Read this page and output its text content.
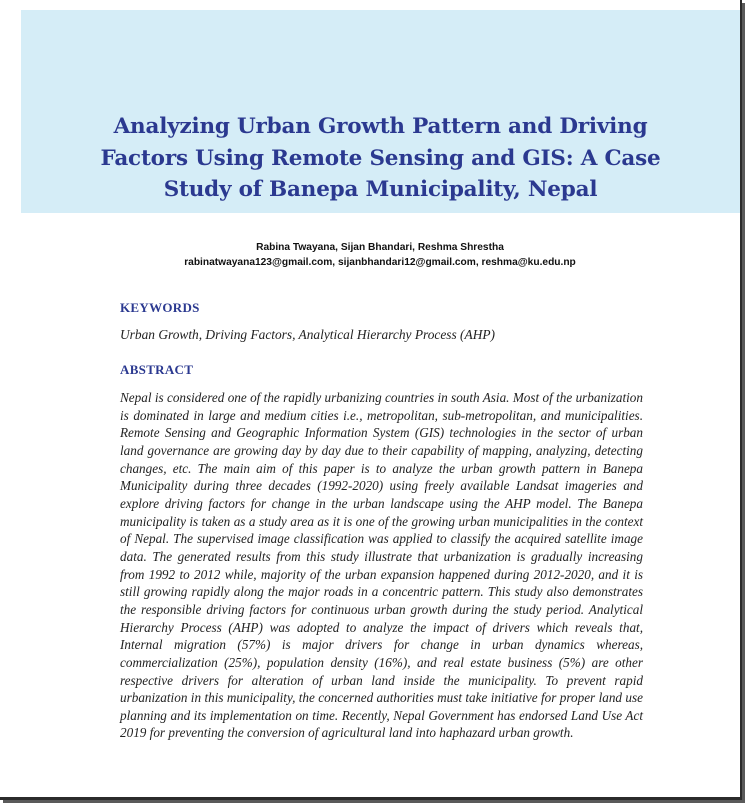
Analyzing Urban Growth Pattern and Driving
Factors Using Remote Sensing and GIS: A Case
Study of Banepa Municipality, Nepal
Rabina Twayana, Sijan Bhandari, Reshma Shrestha
rabinatwayana123@gmail.com, sijanbhandari12@gmail.com, reshma@ku.edu.np
KEYWORDS

Urban Growth, Driving Factors, Analytical Hierarchy Process (AHP)

ABSTRACT

Nepal is considered one of the rapidly urbanizing countries in south Asia. Most of the urbanization is dominated in large and medium cities i.e., metropolitan, sub-metropolitan, and municipalities. Remote Sensing and Geographic Information System (GIS) technologies in the sector of urban land governance are growing day by day due to their capability of mapping, analyzing, detecting changes, etc. The main aim of this paper is to analyze the urban growth pattern in Banepa Municipality during three decades (1992-2020) using freely available Landsat imageries and explore driving factors for change in the urban landscape using the AHP model. The Banepa municipality is taken as a study area as it is one of the growing urban municipalities in the context of Nepal. The supervised image classification was applied to classify the acquired satellite image data. The generated results from this study illustrate that urbanization is gradually increasing from 1992 to 2012 while, majority of the urban expansion happened during 2012-2020, and it is still growing rapidly along the major roads in a concentric pattern. This study also demonstrates the responsible driving factors for continuous urban growth during the study period. Analytical Hierarchy Process (AHP) was adopted to analyze the impact of drivers which reveals that, Internal migration (57%) is major drivers for change in urban dynamics whereas, commercialization (25%), population density (16%), and real estate business (5%) are other respective drivers for alteration of urban land inside the municipality. To prevent rapid urbanization in this municipality, the concerned authorities must take initiative for proper land use planning and its implementation on time. Recently, Nepal Government has endorsed Land Use Act 2019 for preventing the conversion of agricultural land into haphazard urban growth.
